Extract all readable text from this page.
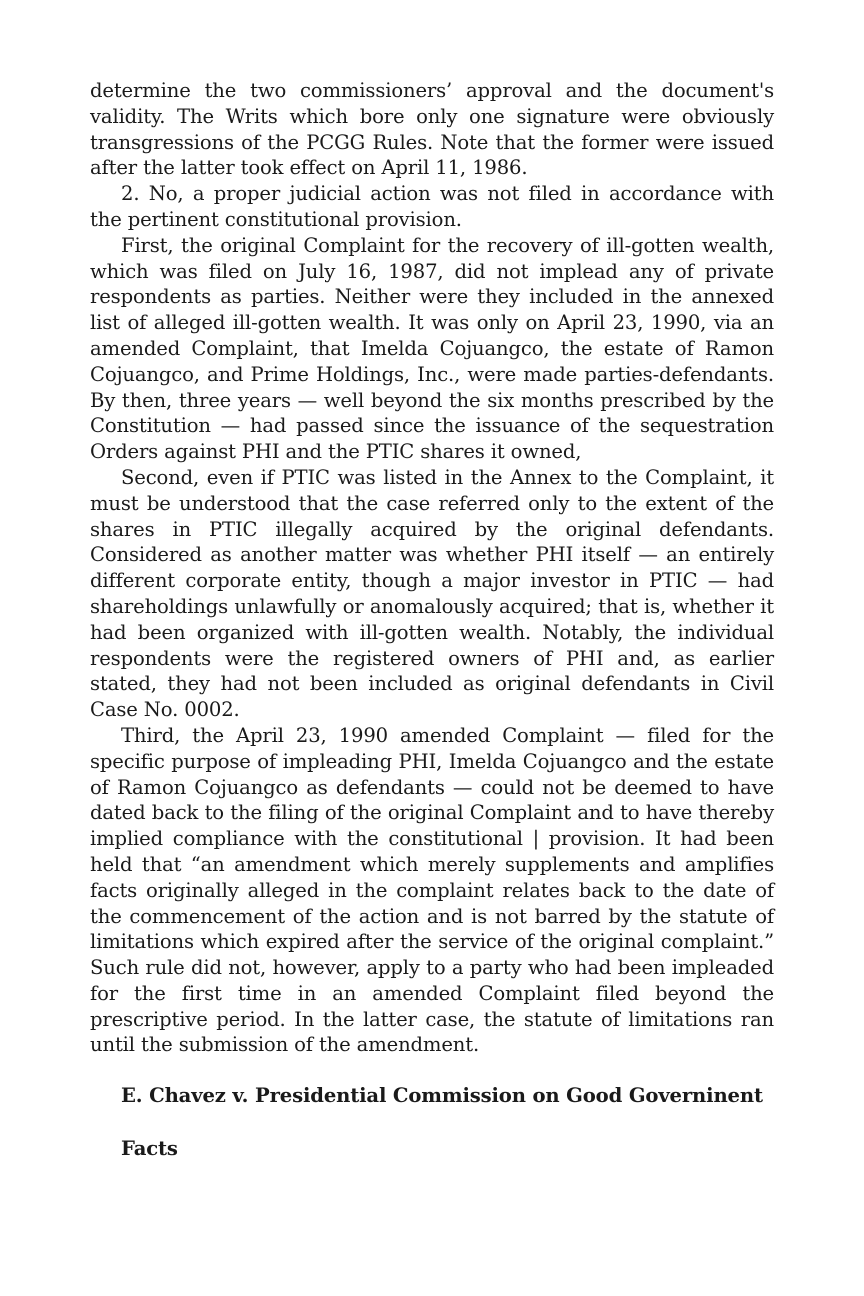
determine the two commissioners’ approval and the document's validity. The Writs which bore only one signature were obviously transgressions of the PCGG Rules. Note that the former were issued after the latter took effect on April 11, 1986.

2. No, a proper judicial action was not filed in accordance with the pertinent constitutional provision.

First, the original Complaint for the recovery of ill-gotten wealth, which was filed on July 16, 1987, did not implead any of private respondents as parties. Neither were they included in the annexed list of alleged ill-gotten wealth. It was only on April 23, 1990, via an amended Complaint, that Imelda Cojuangco, the estate of Ramon Cojuangco, and Prime Holdings, Inc., were made parties-defendants. By then, three years — well beyond the six months prescribed by the Constitution — had passed since the issuance of the sequestration Orders against PHI and the PTIC shares it owned,

Second, even if PTIC was listed in the Annex to the Complaint, it must be understood that the case referred only to the extent of the shares in PTIC illegally acquired by the original defendants. Considered as another matter was whether PHI itself — an entirely different corporate entity, though a major investor in PTIC — had shareholdings unlawfully or anomalously acquired; that is, whether it had been organized with ill-gotten wealth. Notably, the individual respondents were the registered owners of PHI and, as earlier stated, they had not been included as original defendants in Civil Case No. 0002.

Third, the April 23, 1990 amended Complaint — filed for the specific purpose of impleading PHI, Imelda Cojuangco and the estate of Ramon Cojuangco as defendants — could not be deemed to have dated back to the filing of the original Complaint and to have thereby implied compliance with the constitutional | provision. It had been held that “an amendment which merely supplements and amplifies facts originally alleged in the complaint relates back to the date of the commencement of the action and is not barred by the statute of limitations which expired after the service of the original complaint.” Such rule did not, however, apply to a party who had been impleaded for the first time in an amended Complaint filed beyond the prescriptive period. In the latter case, the statute of limitations ran until the submission of the amendment.

E. Chavez v. Presidential Commission on Good Governinent

Facts
